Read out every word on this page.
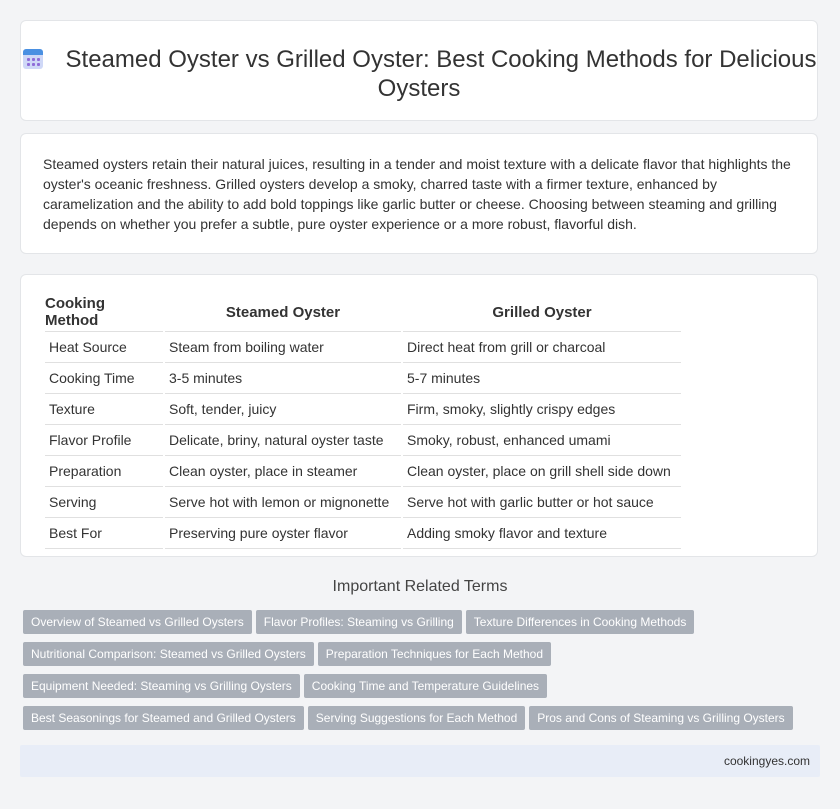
Steamed Oyster vs Grilled Oyster: Best Cooking Methods for Delicious Oysters

Steamed oysters retain their natural juices, resulting in a tender and moist texture with a delicate flavor that highlights the oyster's oceanic freshness. Grilled oysters develop a smoky, charred taste with a firmer texture, enhanced by caramelization and the ability to add bold toppings like garlic butter or cheese. Choosing between steaming and grilling depends on whether you prefer a subtle, pure oyster experience or a more robust, flavorful dish.

Cooking Method	Steamed Oyster	Grilled Oyster
Heat Source	Steam from boiling water	Direct heat from grill or charcoal
Cooking Time	3-5 minutes	5-7 minutes
Texture	Soft, tender, juicy	Firm, smoky, slightly crispy edges
Flavor Profile	Delicate, briny, natural oyster taste	Smoky, robust, enhanced umami
Preparation	Clean oyster, place in steamer	Clean oyster, place on grill shell side down
Serving	Serve hot with lemon or mignonette	Serve hot with garlic butter or hot sauce
Best For	Preserving pure oyster flavor	Adding smoky flavor and texture
Important Related Terms
Overview of Steamed vs Grilled Oysters Flavor Profiles: Steaming vs Grilling Texture Differences in Cooking Methods
Nutritional Comparison: Steamed vs Grilled Oysters Preparation Techniques for Each Method
Equipment Needed: Steaming vs Grilling Oysters Cooking Time and Temperature Guidelines
Best Seasonings for Steamed and Grilled Oysters Serving Suggestions for Each Method Pros and Cons of Steaming vs Grilling Oysters
cookingyes.com
